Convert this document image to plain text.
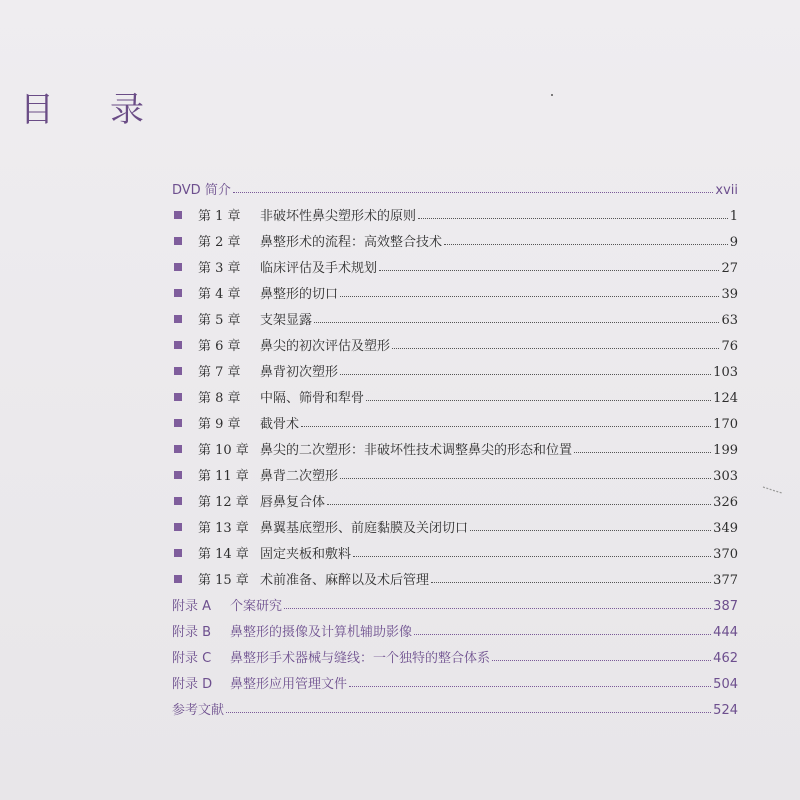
目 录
DVD 简介	xvii
第 1 章	非破坏性鼻尖塑形术的原则	1
第 2 章	鼻整形术的流程：高效整合技术	9
第 3 章	临床评估及手术规划	27
第 4 章	鼻整形的切口	39
第 5 章	支架显露	63
第 6 章	鼻尖的初次评估及塑形	76
第 7 章	鼻背初次塑形	103
第 8 章	中隔、筛骨和犁骨	124
第 9 章	截骨术	170
第 10 章 鼻尖的二次塑形：非破坏性技术调整鼻尖的形态和位置	199
第 11 章 鼻背二次塑形	303
第 12 章 唇鼻复合体	326
第 13 章 鼻翼基底塑形、前庭黏膜及关闭切口	349
第 14 章 固定夹板和敷料	370
第 15 章 术前准备、麻醉以及术后管理	377
附录 A	个案研究	387
附录 B	鼻整形的摄像及计算机辅助影像	444
附录 C	鼻整形手术器械与缝线：一个独特的整合体系	462
附录 D	鼻整形应用管理文件	504
参考文献	524
